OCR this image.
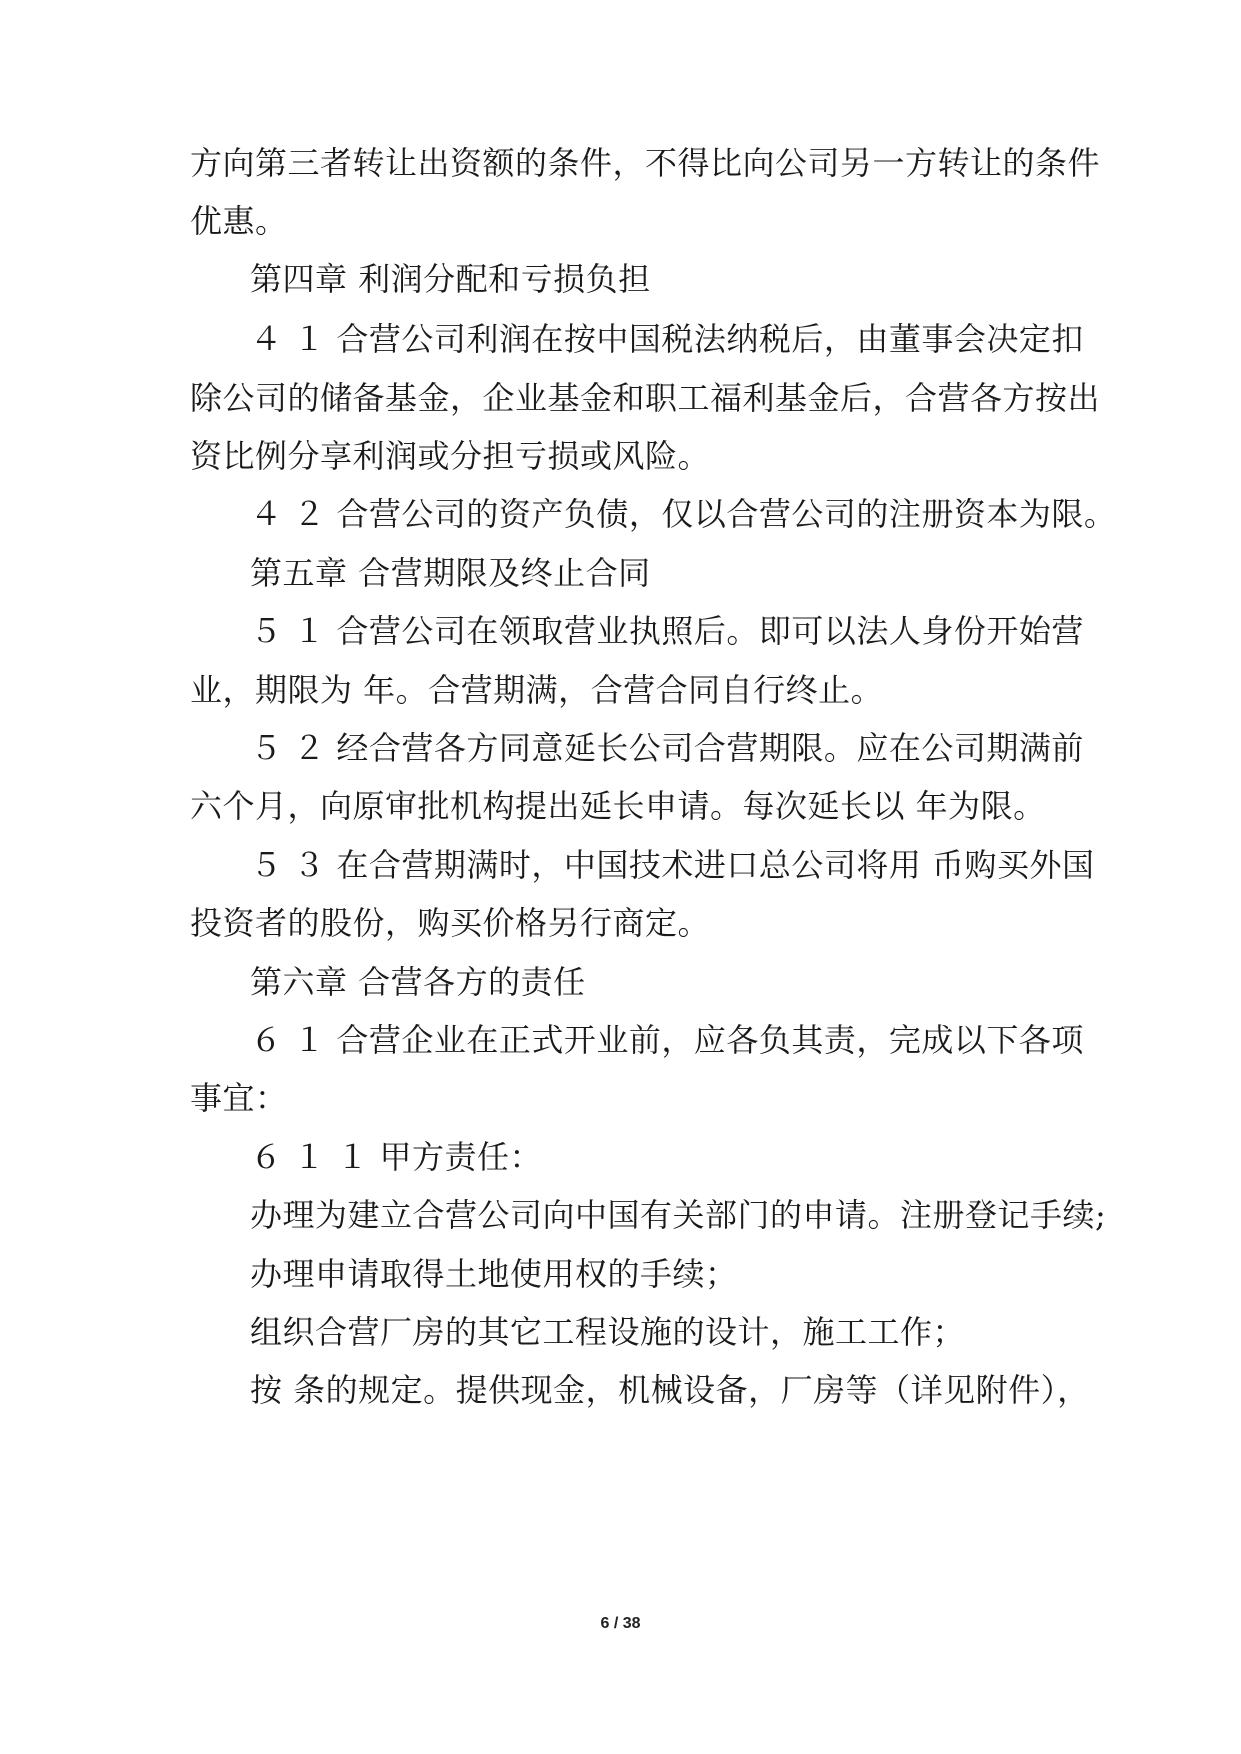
方向第三者转让出资额的条件，不得比向公司另一方转让的条件
优惠。
第四章 利润分配和亏损负担
４ １ 合营公司利润在按中国税法纳税后，由董事会决定扣
除公司的储备基金，企业基金和职工福利基金后，合营各方按出
资比例分享利润或分担亏损或风险。
４ ２ 合营公司的资产负债，仅以合营公司的注册资本为限。
第五章 合营期限及终止合同
５ １ 合营公司在领取营业执照后。即可以法人身份开始营
业，期限为 年。合营期满，合营合同自行终止。
５ ２ 经合营各方同意延长公司合营期限。应在公司期满前
六个月，向原审批机构提出延长申请。每次延长以 年为限。
５ ３ 在合营期满时，中国技术进口总公司将用 币购买外国
投资者的股份，购买价格另行商定。
第六章 合营各方的责任
６ １ 合营企业在正式开业前，应各负其责，完成以下各项
事宜：
６ １ １ 甲方责任：
办理为建立合营公司向中国有关部门的申请。注册登记手续;
办理申请取得土地使用权的手续；
组织合营厂房的其它工程设施的设计，施工工作；
按 条的规定。提供现金，机械设备，厂房等（详见附件），
6 / 38
